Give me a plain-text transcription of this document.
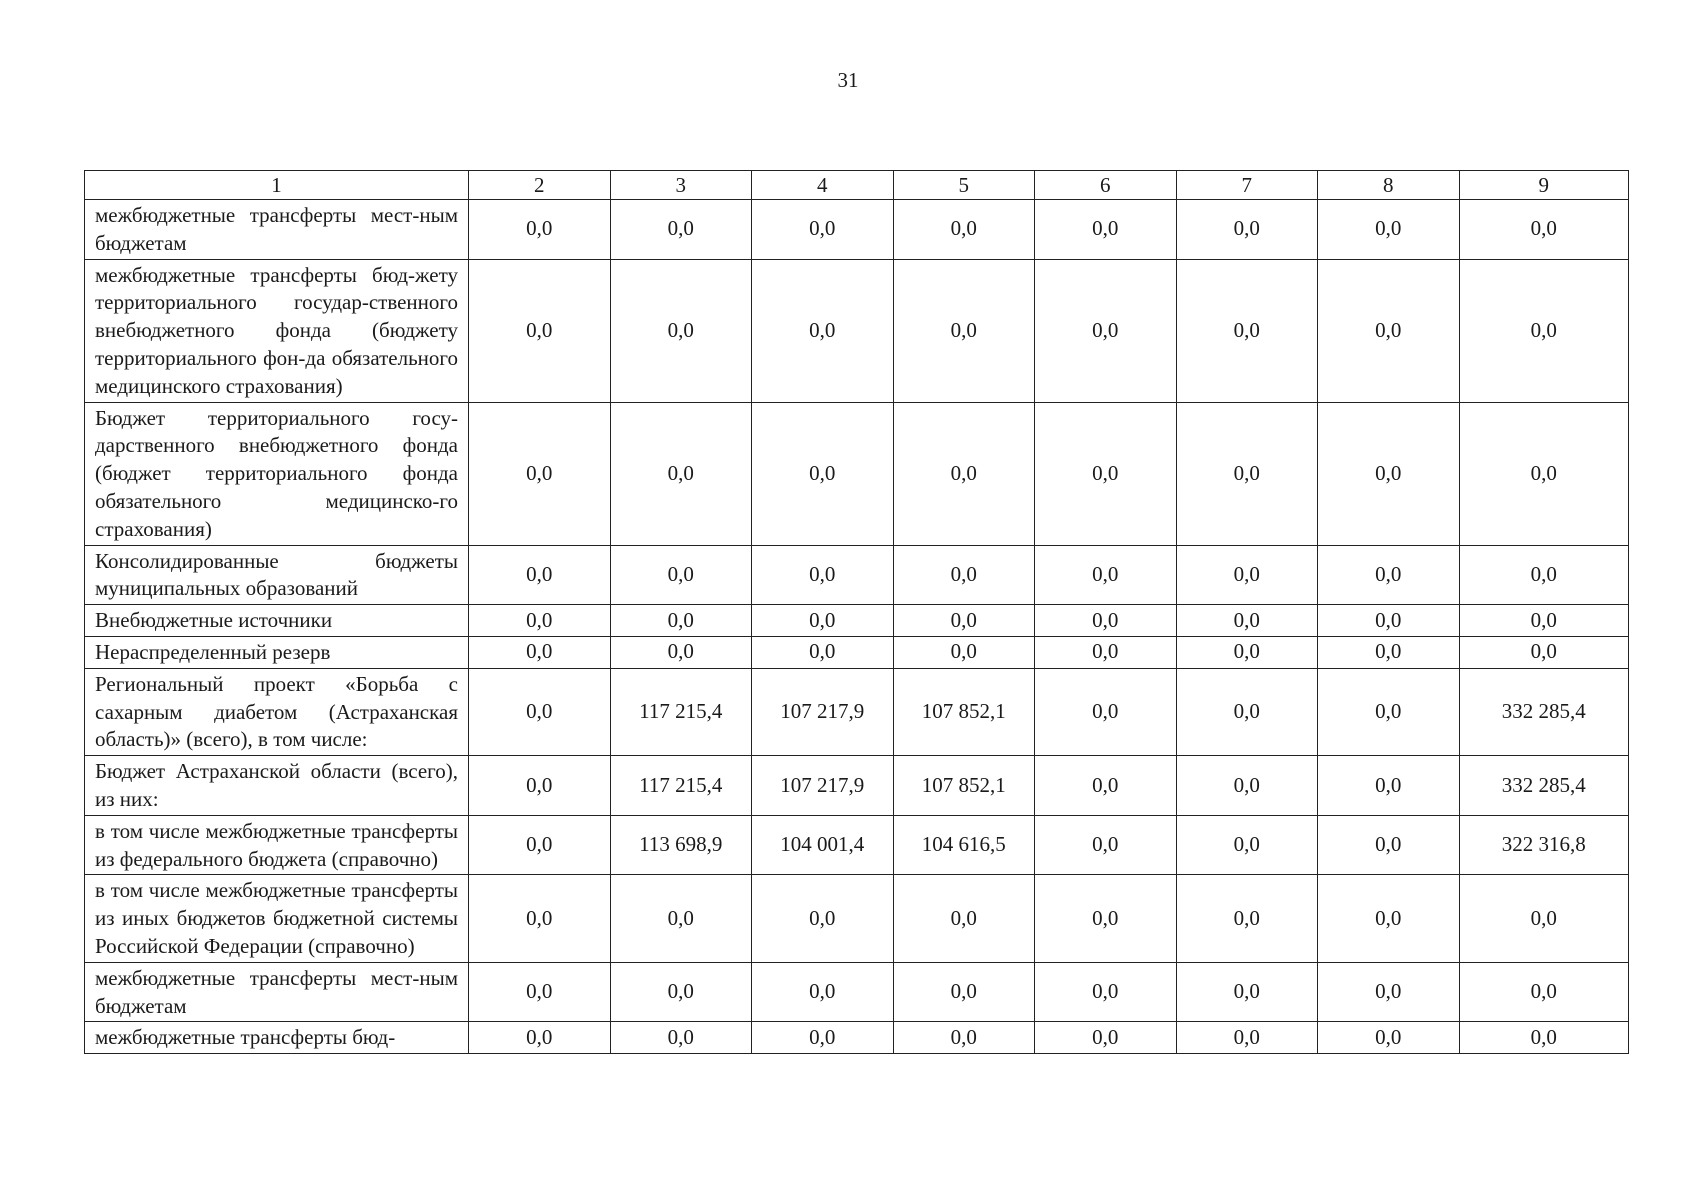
31
1	2	3	4	5	6	7	8	9
межбюджетные трансферты мест-ным бюджетам	0,0	0,0	0,0	0,0	0,0	0,0	0,0	0,0
межбюджетные трансферты бюд-жету территориального государ-ственного внебюджетного фонда (бюджету территориального фон-да обязательного медицинского страхования)	0,0	0,0	0,0	0,0	0,0	0,0	0,0	0,0
Бюджет территориального госу-дарственного внебюджетного фонда (бюджет территориального фонда обязательного медицинско-го страхования)	0,0	0,0	0,0	0,0	0,0	0,0	0,0	0,0
Консолидированные бюджеты муниципальных образований	0,0	0,0	0,0	0,0	0,0	0,0	0,0	0,0
Внебюджетные источники	0,0	0,0	0,0	0,0	0,0	0,0	0,0	0,0
Нераспределенный резерв	0,0	0,0	0,0	0,0	0,0	0,0	0,0	0,0
Региональный проект «Борьба с сахарным диабетом (Астраханская область)» (всего), в том числе:	0,0	117 215,4	107 217,9	107 852,1	0,0	0,0	0,0	332 285,4
Бюджет Астраханской области (всего), из них:	0,0	117 215,4	107 217,9	107 852,1	0,0	0,0	0,0	332 285,4
в том числе межбюджетные трансферты из федерального бюджета (справочно)	0,0	113 698,9	104 001,4	104 616,5	0,0	0,0	0,0	322 316,8
в том числе межбюджетные трансферты из иных бюджетов бюджетной системы Российской Федерации (справочно)	0,0	0,0	0,0	0,0	0,0	0,0	0,0	0,0
межбюджетные трансферты мест-ным бюджетам	0,0	0,0	0,0	0,0	0,0	0,0	0,0	0,0
межбюджетные трансферты бюд-	0,0	0,0	0,0	0,0	0,0	0,0	0,0	0,0
